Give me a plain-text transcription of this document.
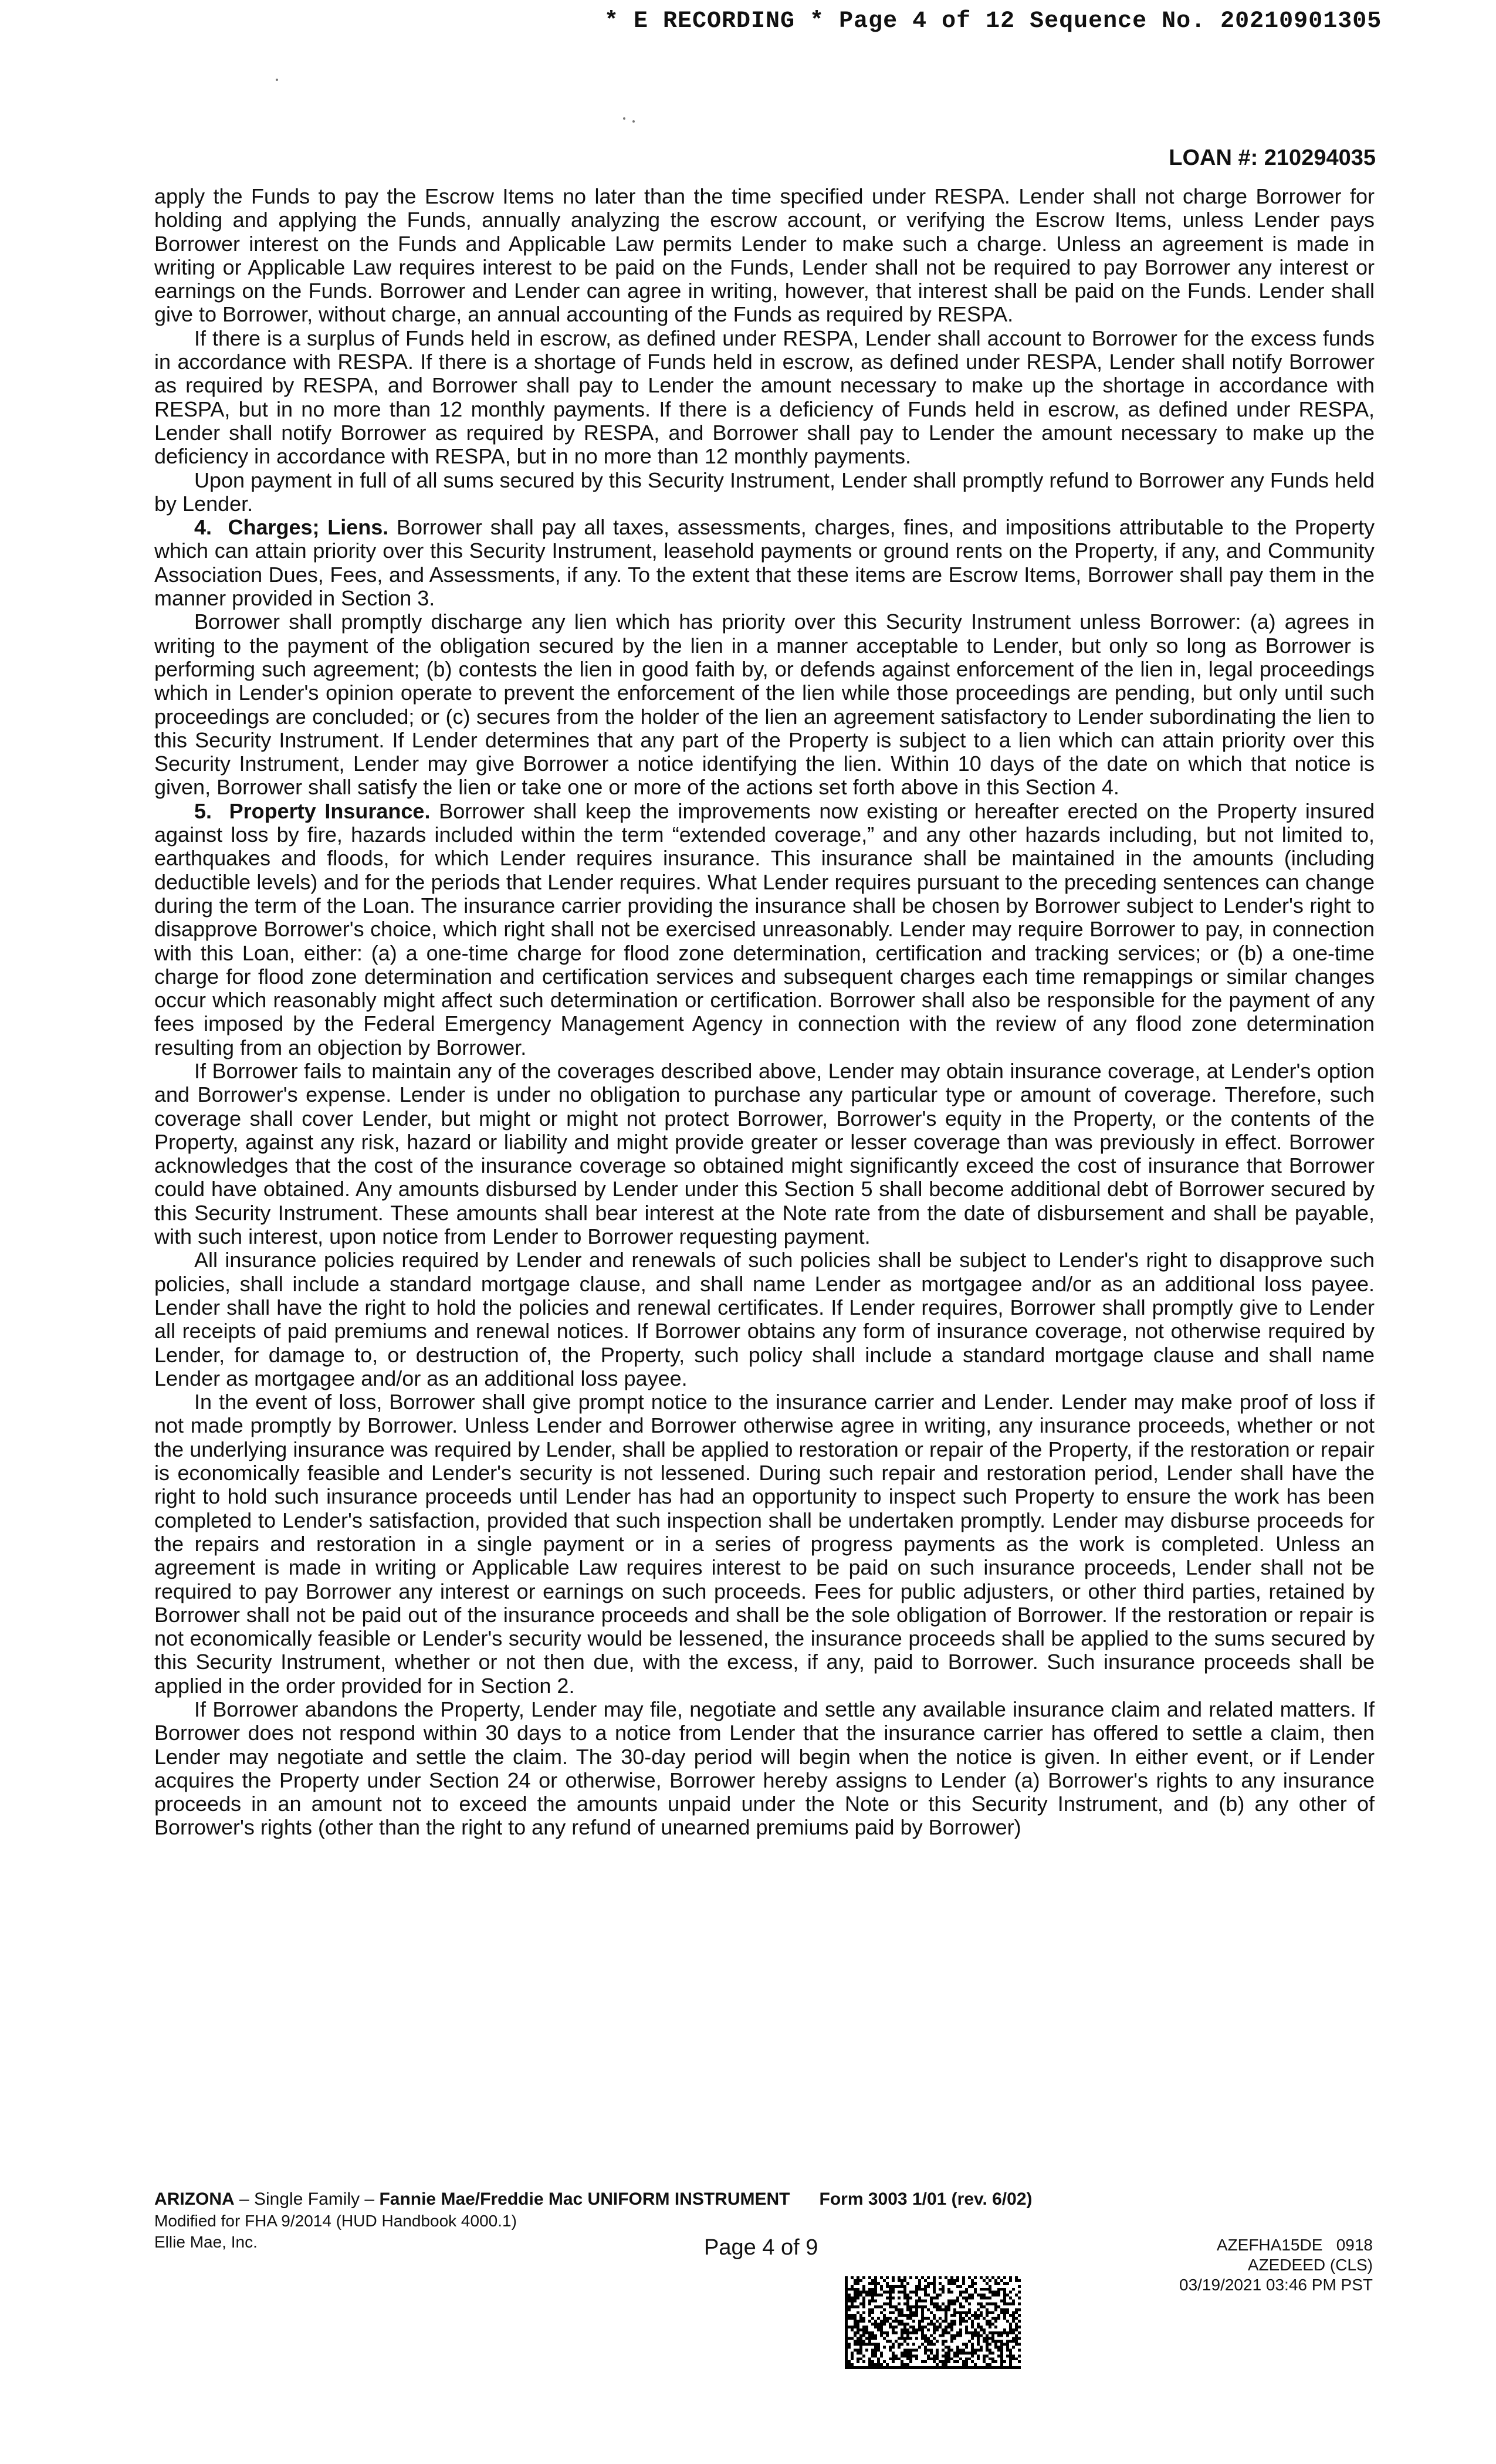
* E RECORDING * Page 4 of 12 Sequence No. 20210901305
LOAN #: 210294035

apply the Funds to pay the Escrow Items no later than the time specified under RESPA. Lender shall not charge Borrower for holding and applying the Funds, annually analyzing the escrow account, or verifying the Escrow Items, unless Lender pays Borrower interest on the Funds and Applicable Law permits Lender to make such a charge. Unless an agreement is made in writing or Applicable Law requires interest to be paid on the Funds, Lender shall not be required to pay Borrower any interest or earnings on the Funds. Borrower and Lender can agree in writing, however, that interest shall be paid on the Funds. Lender shall give to Borrower, without charge, an annual accounting of the Funds as required by RESPA.

If there is a surplus of Funds held in escrow, as defined under RESPA, Lender shall account to Borrower for the excess funds in accordance with RESPA. If there is a shortage of Funds held in escrow, as defined under RESPA, Lender shall notify Borrower as required by RESPA, and Borrower shall pay to Lender the amount necessary to make up the shortage in accordance with RESPA, but in no more than 12 monthly payments. If there is a deficiency of Funds held in escrow, as defined under RESPA, Lender shall notify Borrower as required by RESPA, and Borrower shall pay to Lender the amount necessary to make up the deficiency in accordance with RESPA, but in no more than 12 monthly payments.

Upon payment in full of all sums secured by this Security Instrument, Lender shall promptly refund to Borrower any Funds held by Lender.

4.  Charges; Liens. Borrower shall pay all taxes, assessments, charges, fines, and impositions attributable to the Property which can attain priority over this Security Instrument, leasehold payments or ground rents on the Property, if any, and Community Association Dues, Fees, and Assessments, if any. To the extent that these items are Escrow Items, Borrower shall pay them in the manner provided in Section 3.

Borrower shall promptly discharge any lien which has priority over this Security Instrument unless Borrower: (a) agrees in writing to the payment of the obligation secured by the lien in a manner acceptable to Lender, but only so long as Borrower is performing such agreement; (b) contests the lien in good faith by, or defends against enforcement of the lien in, legal proceedings which in Lender's opinion operate to prevent the enforcement of the lien while those proceedings are pending, but only until such proceedings are concluded; or (c) secures from the holder of the lien an agreement satisfactory to Lender subordinating the lien to this Security Instrument. If Lender determines that any part of the Property is subject to a lien which can attain priority over this Security Instrument, Lender may give Borrower a notice identifying the lien. Within 10 days of the date on which that notice is given, Borrower shall satisfy the lien or take one or more of the actions set forth above in this Section 4.

5.  Property Insurance. Borrower shall keep the improvements now existing or hereafter erected on the Property insured against loss by fire, hazards included within the term “extended coverage,” and any other hazards including, but not limited to, earthquakes and floods, for which Lender requires insurance. This insurance shall be maintained in the amounts (including deductible levels) and for the periods that Lender requires. What Lender requires pursuant to the preceding sentences can change during the term of the Loan. The insurance carrier providing the insurance shall be chosen by Borrower subject to Lender's right to disapprove Borrower's choice, which right shall not be exercised unreasonably. Lender may require Borrower to pay, in connection with this Loan, either: (a) a one-time charge for flood zone determination, certification and tracking services; or (b) a one-time charge for flood zone determination and certification services and subsequent charges each time remappings or similar changes occur which reasonably might affect such determination or certification. Borrower shall also be responsible for the payment of any fees imposed by the Federal Emergency Management Agency in connection with the review of any flood zone determination resulting from an objection by Borrower.

If Borrower fails to maintain any of the coverages described above, Lender may obtain insurance coverage, at Lender's option and Borrower's expense. Lender is under no obligation to purchase any particular type or amount of coverage. Therefore, such coverage shall cover Lender, but might or might not protect Borrower, Borrower's equity in the Property, or the contents of the Property, against any risk, hazard or liability and might provide greater or lesser coverage than was previously in effect. Borrower acknowledges that the cost of the insurance coverage so obtained might significantly exceed the cost of insurance that Borrower could have obtained. Any amounts disbursed by Lender under this Section 5 shall become additional debt of Borrower secured by this Security Instrument. These amounts shall bear interest at the Note rate from the date of disbursement and shall be payable, with such interest, upon notice from Lender to Borrower requesting payment.

All insurance policies required by Lender and renewals of such policies shall be subject to Lender's right to disapprove such policies, shall include a standard mortgage clause, and shall name Lender as mortgagee and/or as an additional loss payee. Lender shall have the right to hold the policies and renewal certificates. If Lender requires, Borrower shall promptly give to Lender all receipts of paid premiums and renewal notices. If Borrower obtains any form of insurance coverage, not otherwise required by Lender, for damage to, or destruction of, the Property, such policy shall include a standard mortgage clause and shall name Lender as mortgagee and/or as an additional loss payee.

In the event of loss, Borrower shall give prompt notice to the insurance carrier and Lender. Lender may make proof of loss if not made promptly by Borrower. Unless Lender and Borrower otherwise agree in writing, any insurance proceeds, whether or not the underlying insurance was required by Lender, shall be applied to restoration or repair of the Property, if the restoration or repair is economically feasible and Lender's security is not lessened. During such repair and restoration period, Lender shall have the right to hold such insurance proceeds until Lender has had an opportunity to inspect such Property to ensure the work has been completed to Lender's satisfaction, provided that such inspection shall be undertaken promptly. Lender may disburse proceeds for the repairs and restoration in a single payment or in a series of progress payments as the work is completed. Unless an agreement is made in writing or Applicable Law requires interest to be paid on such insurance proceeds, Lender shall not be required to pay Borrower any interest or earnings on such proceeds. Fees for public adjusters, or other third parties, retained by Borrower shall not be paid out of the insurance proceeds and shall be the sole obligation of Borrower. If the restoration or repair is not economically feasible or Lender's security would be lessened, the insurance proceeds shall be applied to the sums secured by this Security Instrument, whether or not then due, with the excess, if any, paid to Borrower. Such insurance proceeds shall be applied in the order provided for in Section 2.

If Borrower abandons the Property, Lender may file, negotiate and settle any available insurance claim and related matters. If Borrower does not respond within 30 days to a notice from Lender that the insurance carrier has offered to settle a claim, then Lender may negotiate and settle the claim. The 30-day period will begin when the notice is given. In either event, or if Lender acquires the Property under Section 24 or otherwise, Borrower hereby assigns to Lender (a) Borrower's rights to any insurance proceeds in an amount not to exceed the amounts unpaid under the Note or this Security Instrument, and (b) any other of Borrower's rights (other than the right to any refund of unearned premiums paid by Borrower)

ARIZONA – Single Family – Fannie Mae/Freddie Mac UNIFORM INSTRUMENT Form 3003 1/01 (rev. 6/02)
Modified for FHA 9/2014 (HUD Handbook 4000.1)
Ellie Mae, Inc.	Page 4 of 9	AZEFHA15DE   0918
AZEDEED (CLS)
03/19/2021 03:46 PM PST
